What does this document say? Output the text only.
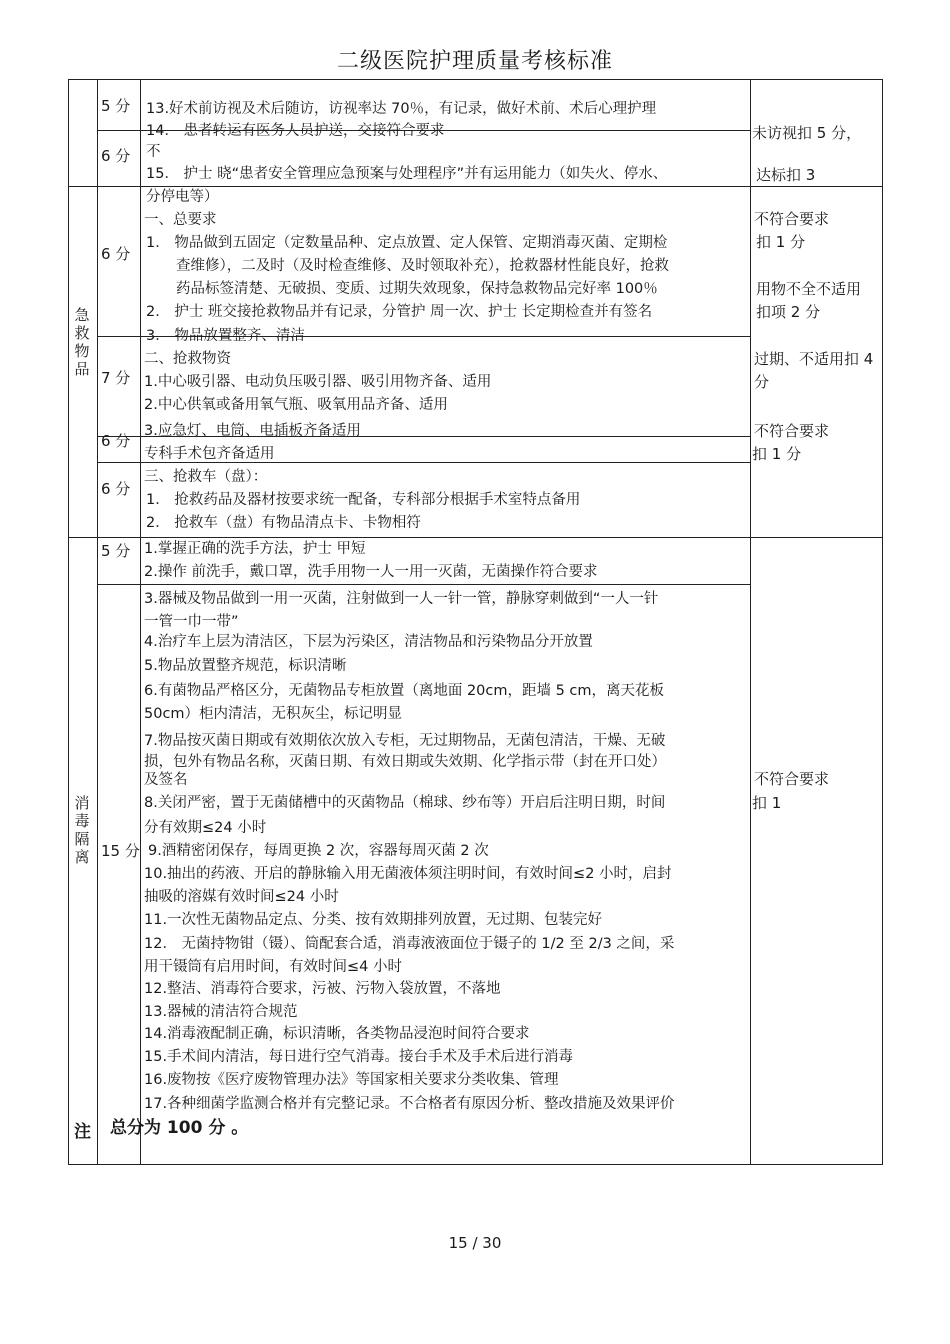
二级医院护理质量考核标准
5 分
6 分
13.好术前访视及术后随访，访视率达 70％，有记录，做好术前、术后心理护理
14． 患者转运有医务人员护送，交接符合要求
不
15． 护士 晓“患者安全管理应急预案与处理程序”并有运用能力（如失火、停水、
分停电等）
未访视扣 5 分，
达标扣 3
急
救
物
品
6 分
7 分
6 分
6 分
一、总要求
1． 物品做到五固定（定数量品种、定点放置、定人保管、定期消毒灭菌、定期检
查维修），二及时（及时检查维修、及时领取补充），抢救器材性能良好，抢救
药品标签清楚、无破损、变质、过期失效现象，保持急救物品完好率 100％
2． 护士 班交接抢救物品并有记录，分管护 周一次、护士 长定期检查并有签名
3． 物品放置整齐、清洁
二、抢救物资
1.中心吸引器、电动负压吸引器、吸引用物齐备、适用
2.中心供氧或备用氧气瓶、吸氧用品齐备、适用
3.应急灯、电筒、电插板齐备适用
专科手术包齐备适用
三、抢救车（盘）：
1． 抢救药品及器材按要求统一配备，专科部分根据手术室特点备用
2． 抢救车（盘）有物品清点卡、卡物相符
不符合要求
扣 1 分
用物不全不适用
扣项 2 分
过期、不适用扣 4
分
不符合要求
扣 1 分
消
毒
隔
离
5 分
15 分
1.掌握正确的洗手方法，护士 甲短
2.操作 前洗手，戴口罩，洗手用物一人一用一灭菌，无菌操作符合要求
3.器械及物品做到一用一灭菌，注射做到一人一针一管，静脉穿刺做到“一人一针
一管一巾一带”
4.治疗车上层为清洁区，下层为污染区，清洁物品和污染物品分开放置
5.物品放置整齐规范，标识清晰
6.有菌物品严格区分，无菌物品专柜放置（离地面 20cm，距墙 5 cm，离天花板
50cm）柜内清洁，无积灰尘，标记明显
7.物品按灭菌日期或有效期依次放入专柜，无过期物品，无菌包清洁，干燥、无破
损，包外有物品名称，灭菌日期、有效日期或失效期、化学指示带（封在开口处）
及签名
8.关闭严密，置于无菌储槽中的灭菌物品（棉球、纱布等）开启后注明日期，时间
分有效期≤24 小时
9.酒精密闭保存，每周更换 2 次，容器每周灭菌 2 次
10.抽出的药液、开启的静脉输入用无菌液体须注明时间，有效时间≤2 小时，启封
抽吸的溶媒有效时间≤24 小时
11.一次性无菌物品定点、分类、按有效期排列放置，无过期、包装完好
12． 无菌持物钳（镊）、筒配套合适，消毒液液面位于镊子的 1/2 至 2/3 之间，采
用干镊筒有启用时间，有效时间≤4 小时
12.整洁、消毒符合要求，污被、污物入袋放置，不落地
13.器械的清洁符合规范
14.消毒液配制正确，标识清晰，各类物品浸泡时间符合要求
15.手术间内清洁，每日进行空气消毒。接台手术及手术后进行消毒
16.废物按《医疗废物管理办法》等国家相关要求分类收集、管理
17.各种细菌学监测合格并有完整记录。不合格者有原因分析、整改措施及效果评价
不符合要求
扣 1
注 总分为 100 分 。
15 / 30
